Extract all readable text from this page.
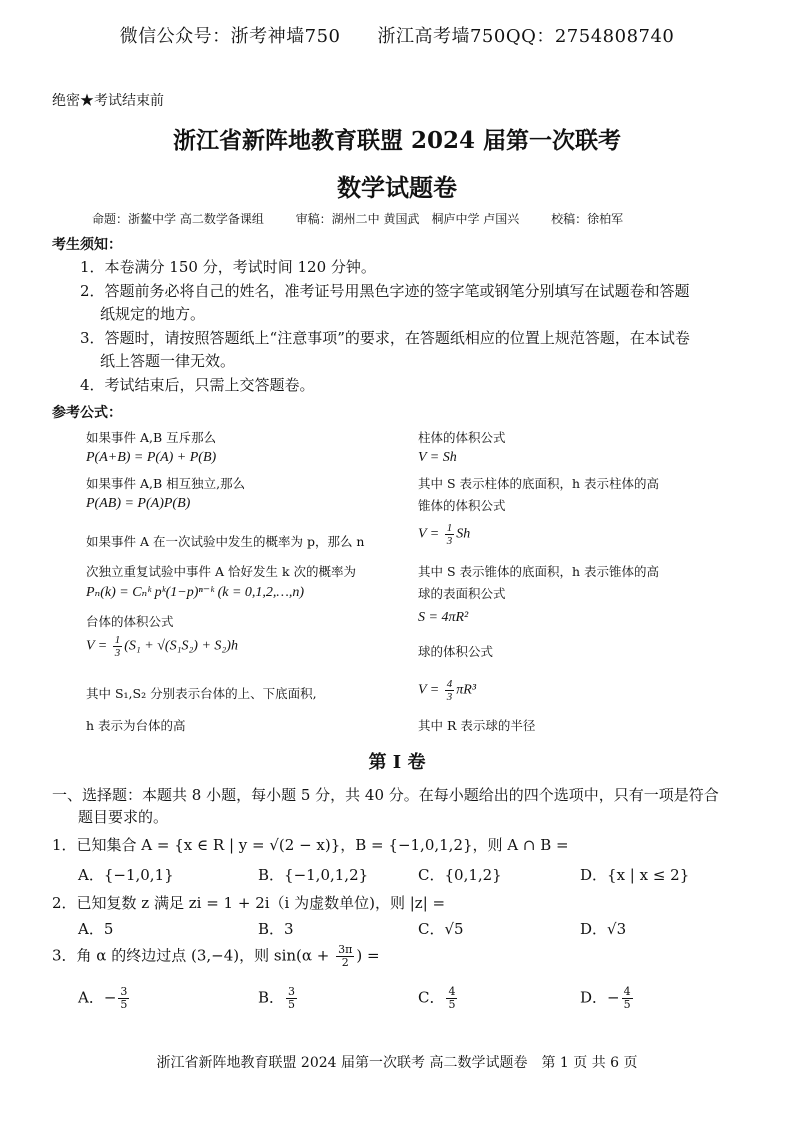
微信公众号：浙考神墙750　　浙江高考墙750QQ：2754808740
绝密★考试结束前
浙江省新阵地教育联盟 2024 届第一次联考
数学试题卷
命题：浙鳌中学 高二数学备课组	审稿：湖州二中 黄国武　桐庐中学 卢国兴	校稿：徐柏军
考生须知：
1．本卷满分 150 分，考试时间 120 分钟。
2．答题前务必将自己的姓名，准考证号用黑色字迹的签字笔或钢笔分别填写在试题卷和答题
纸规定的地方。
3．答题时，请按照答题纸上“注意事项”的要求，在答题纸相应的位置上规范答题，在本试卷
纸上答题一律无效。
4．考试结束后，只需上交答题卷。
参考公式：
如果事件 A,B 互斥那么
P(A+B) = P(A) + P(B)
如果事件 A,B 相互独立,那么
P(AB) = P(A)P(B)
如果事件 A 在一次试验中发生的概率为 p，那么 n
次独立重复试验中事件 A 恰好发生 k 次的概率为
Pₙ(k) = Cₙᵏ pᵏ(1−p)ⁿ⁻ᵏ (k = 0,1,2,…,n)
台体的体积公式
$V = \frac{1}{3} (S_1 + √(S_1S_2) + S_2)h$
其中 S₁,S₂ 分别表示台体的上、下底面积,
h 表示为台体的高
柱体的体积公式
V = Sh
其中 S 表示柱体的底面积，h 表示柱体的高
锥体的体积公式
$V = \frac{1}{3}$ Sh
其中 S 表示锥体的底面积，h 表示锥体的高
球的表面积公式
S = 4πR²
球的体积公式
$V = \frac{4}{3} \pi R^3$
其中 R 表示球的半径
第 I 卷
一、选择题：本题共 8 小题，每小题 5 分，共 40 分。在每小题给出的四个选项中，只有一项是符合
题目要求的。
1．已知集合 A = {x ∈ R | y = √(2 − x)}，B = {−1,0,1,2}，则 A ∩ B =
A．{−1,0,1}	B．{−1,0,1,2}	C．{0,1,2}	D．{x | x ≤ 2}
2．已知复数 z 满足 zi = 1 + 2i（i 为虚数单位)，则 |z| =
A．5	B．3	C．√5	D．√3
3．角 α 的终边过点 (3,−4)，则 $\sin(\alpha + \frac{3\pi}{2}$ ) =
A．− $\frac{3}{5}$	B． $\frac{3}{5}$	C． $\frac{4}{5}$	D．− $\frac{4}{5}$
浙江省新阵地教育联盟 2024 届第一次联考 高二数学试题卷　第 1 页 共 6 页
